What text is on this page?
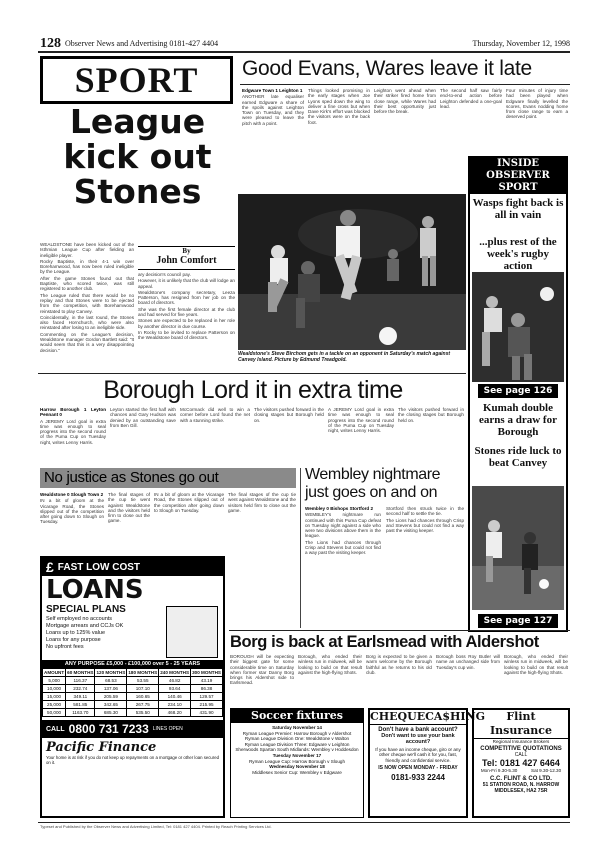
128 Observer News and Advertising 0181-427 4404	Thursday, November 12, 1998
SPORT
League kick out Stones

WEALDSTONE have been kicked out of the Isthmian League Cup after fielding an ineligible player.

Rocky Baptiste, in their 4-1 win over Borehamwood, has now been ruled ineligible by the League.

After the game Stones found out that Baptiste, who scored twice, was still registered to another club.

The League ruled that there would be no replay and that Stones were to be ejected from the competition, with Borehamwood reinstated to play Canvey.

Coincidentally, in the last round, the Stones also faced Hornchurch, who were also reinstated after losing to an ineligible side.

Commenting on the League's decision, Wealdstone manager Gordon Bartlett said: "It would seem that this is a very disappointing decision."

By
John Comfort

ary decision's council pay.

However, it is unlikely that the club will lodge an appeal.

Wealdstone's company secretary, Leeza Patterson, has resigned from her job on the board of directors.

She was the first female director at the club and had served for five years.

Stones are expected to be replaced in her role by another director in due course.

In Rocky to be invited to replace Patterson on the Wealdstone board of directors.

Good Evans, Wares leave it late

Edgware Town 1 Leighton 1

ANOTHER late equaliser earned Edgware a share of the spoils against Leighton Town on Tuesday, and they were pleased to leave the pitch with a point.

Things looked promising in the early stages when Joe Lyons sped down the wing to deliver a fine cross but when Dave Kirk's effort was blocked the visitors were on the back foot.

Leighton went ahead when their striker fired home from close range, while Wares had their best opportunity just before the break.

The second half saw fairly end-to-end action before Leighton defended a one-goal lead.

Four minutes of injury time had been played when Edgware finally levelled the scores, Evans nodding home from close range to earn a deserved point.

Wealdstone's Steve Birchom gets in a tackle on an opponent in Saturday's match against Canvey Island. Picture by Edmund Treadgold.
INSIDE
OBSERVER
SPORT
Wasps fight back is all in vain
...plus rest of the week's rugby action
See page 126
Kumah double earns a draw for Borough
Stones ride luck to beat Canvey
See page 127
Borough Lord it in extra time

Harrow Borough 1 Leyton Pennant 0

A JEREMY Lord goal in extra time was enough to seal progress into the second round of the Puma Cup on Tuesday night, writes Lenny Harris.

Leyton started the first half with chances and Gary Hudson was denied by an outstanding save from Ben Gill.

McCormack did well to win a corner before Lord found the net with a stunning strike.

The visitors pushed forward in the closing stages but Borough held on.

A JEREMY Lord goal in extra time was enough to seal progress into the second round of the Puma Cup on Tuesday night, writes Lenny Harris.

The visitors pushed forward in the closing stages but Borough held on.

No justice as Stones go out

Wealdstone 0 Slough Town 2

IN a bit of gloom at the Vicarage Road, the Stones slipped out of the competition after going down to Slough on Tuesday.

The final stages of the cup tie went against Wealdstone and the visitors held firm to close out the game.

IN a bit of gloom at the Vicarage Road, the Stones slipped out of the competition after going down to Slough on Tuesday.

The final stages of the cup tie went against Wealdstone and the visitors held firm to close out the game.

Wembley nightmare just goes on and on

Wembley 0 Bishops Stortford 2

WEMBLEY's nightmare run continued with this Puma Cup defeat on Tuesday night against a side who were two divisions above them in the league.

The Lions had chances through Crisp and Stevens but could not find a way past the visiting keeper.

Stortford then struck twice in the second half to settle the tie.

The Lions had chances through Crisp and Stevens but could not find a way past the visiting keeper.

£ FAST LOW COST
LOANS
SPECIAL PLANS
Self employed no accounts
Mortgage arrears and CCJs OK
Loans up to 125% value
Loans for any purpose
No upfront fees
ANY PURPOSE £5,000 - £100,000 over 5 - 25 YEARS
AMOUNT	60 MONTHS	120 MONTHS	180 MONTHS	240 MONTHS	300 MONTHS
5,000	116.37	68.53	53.55	46.82	43.19
10,000	232.74	137.06	107.10	93.64	86.38
15,000	349.11	205.59	160.65	140.46	129.57
25,000	581.85	342.65	267.75	234.10	215.95
50,000	1163.70	685.30	535.50	468.20	431.90
CALL 0800 731 7233 LINES OPEN
Pacific Finance
Your home is at risk if you do not keep up repayments on a mortgage or other loan secured on it.
Borg is back at Earlsmead with Aldershot

BOROUGH will be expecting their biggest gate for some considerable time on Saturday when former star Danny Borg brings his Aldershot side to Earlsmead.

Borough, who ended their winless run in midweek, will be looking to build on that result against the high-flying Shots.

Borg is expected to be given a warm welcome by the Borough faithful as he returns to his old club.

Borough boss Roy Butler will name an unchanged side from Tuesday's cup win.

Borough, who ended their winless run in midweek, will be looking to build on that result against the high-flying Shots.

Soccer fixtures
Saturday November 14
Ryman League Premier: Harrow Borough v Aldershot
Ryman League Division One: Wealdstone v Walton
Ryman League Division Three: Edgware v Leighton
Sherwoods Spartan South Midlands: Wembley v Hoddesdon
Tuesday November 17
Ryman League Cup: Harrow Borough v Slough
Wednesday November 18
Middlesex Senior Cup: Wembley v Edgware
CHEQUECA$HING
Don't have a bank account?
Don't want to use your bank account?
If you have an income cheque, giro or any other cheque we'll cash it for you, fast, friendly and confidential service.
IS NOW OPEN MONDAY - FRIDAY
0181-933 2244
Flint Insurance
Regional Insurance Brokers
COMPETITIVE QUOTATIONS
CALL
Tel: 0181 427 6464
Mon-Fri 9.30-5.30	Sat 9.30-12.30
C.C. FLINT & CO LTD.
51 STATION ROAD, N. HARROW
MIDDLESEX, HA2 7SR
Typeset and Published by the Observer News and Advertising Limited, Tel: 0181 427 4404. Printed by Reach Printing Services Ltd.
